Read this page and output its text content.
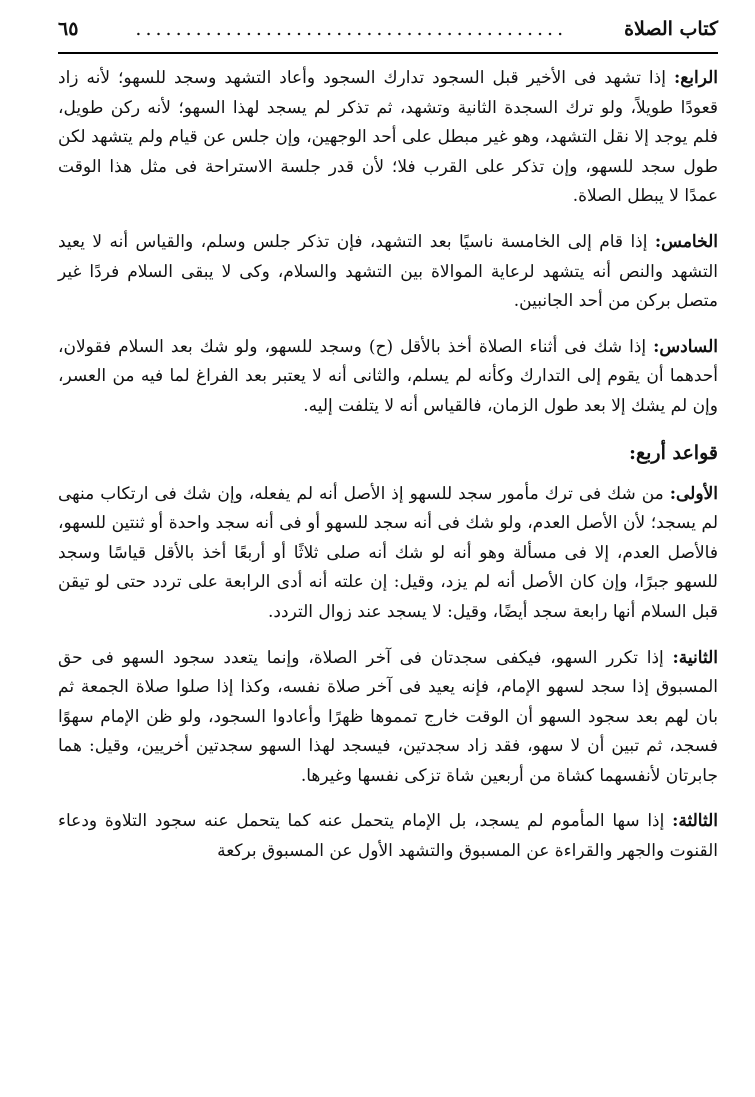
كتاب الصلاة
...........................................
٦٥

الرابع: إذا تشهد فى الأخير قبل السجود تدارك السجود وأعاد التشهد وسجد للسهو؛ لأنه زاد قعودًا طويلاً، ولو ترك السجدة الثانية وتشهد، ثم تذكر لم يسجد لهذا السهو؛ لأنه ركن طويل، فلم يوجد إلا نقل التشهد، وهو غير مبطل على أحد الوجهين، وإن جلس عن قيام ولم يتشهد لكن طول سجد للسهو، وإن تذكر على القرب فلا؛ لأن قدر جلسة الاستراحة فى مثل هذا الوقت عمدًا لا يبطل الصلاة.

الخامس: إذا قام إلى الخامسة ناسيًا بعد التشهد، فإن تذكر جلس وسلم، والقياس أنه لا يعيد التشهد والنص أنه يتشهد لرعاية الموالاة بين التشهد والسلام، وكى لا يبقى السلام فردًا غير متصل بركن من أحد الجانبين.

السادس: إذا شك فى أثناء الصلاة أخذ بالأقل (ح) وسجد للسهو، ولو شك بعد السلام فقولان، أحدهما أن يقوم إلى التدارك وكأنه لم يسلم، والثانى أنه لا يعتبر بعد الفراغ لما فيه من العسر، وإن لم يشك إلا بعد طول الزمان، فالقياس أنه لا يتلفت إليه.

قواعد أربع:

الأولى: من شك فى ترك مأمور سجد للسهو إذ الأصل أنه لم يفعله، وإن شك فى ارتكاب منهى لم يسجد؛ لأن الأصل العدم، ولو شك فى أنه سجد للسهو أو فى أنه سجد واحدة أو ثنتين للسهو، فالأصل العدم، إلا فى مسألة وهو أنه لو شك أنه صلى ثلاثًا أو أربعًا أخذ بالأقل قياسًا وسجد للسهو جبرًا، وإن كان الأصل أنه لم يزد، وقيل: إن علته أنه أدى الرابعة على تردد حتى لو تيقن قبل السلام أنها رابعة سجد أيضًا، وقيل: لا يسجد عند زوال التردد.

الثانية: إذا تكرر السهو، فيكفى سجدتان فى آخر الصلاة، وإنما يتعدد سجود السهو فى حق المسبوق إذا سجد لسهو الإمام، فإنه يعيد فى آخر صلاة نفسه، وكذا إذا صلوا صلاة الجمعة ثم بان لهم بعد سجود السهو أن الوقت خارج تمموها ظهرًا وأعادوا السجود، ولو ظن الإمام سهوًا فسجد، ثم تبين أن لا سهو، فقد زاد سجدتين، فيسجد لهذا السهو سجدتين أخريين، وقيل: هما جابرتان لأنفسهما كشاة من أربعين شاة تزكى نفسها وغيرها.

الثالثة: إذا سها المأموم لم يسجد، بل الإمام يتحمل عنه كما يتحمل عنه سجود التلاوة ودعاء القنوت والجهر والقراءة عن المسبوق والتشهد الأول عن المسبوق بركعة
